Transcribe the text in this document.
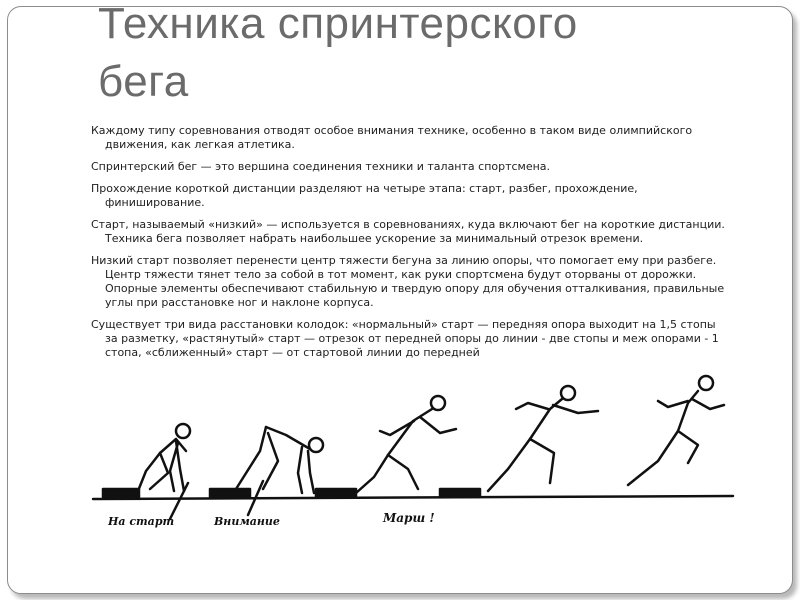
Техника спринтерского
бега

Каждому типу соревнования отводят особое внимания технике, особенно в таком виде олимпийского движения, как легкая атлетика.

Спринтерский бег — это вершина соединения техники и таланта спортсмена.

Прохождение короткой дистанции разделяют на четыре этапа: старт, разбег, прохождение, финиширование.

Старт, называемый «низкий» — используется в соревнованиях, куда включают бег на короткие дистанции. Техника бега позволяет набрать наибольшее ускорение за минимальный отрезок времени.

Низкий старт позволяет перенести центр тяжести бегуна за линию опоры, что помогает ему при разбеге. Центр тяжести тянет тело за собой в тот момент, как руки спортсмена будут оторваны от дорожки. Опорные элементы обеспечивают стабильную и твердую опору для обучения отталкивания, правильные углы при расстановке ног и наклоне корпуса.

Существует три вида расстановки колодок: «нормальный» старт — передняя опора выходит на 1,5 стопы за разметку, «растянутый» старт — отрезок от передней опоры до линии - две стопы и меж опорами - 1 стопа, «сближенный» старт — от стартовой линии до передней

На старт	Внимание	Марш !
